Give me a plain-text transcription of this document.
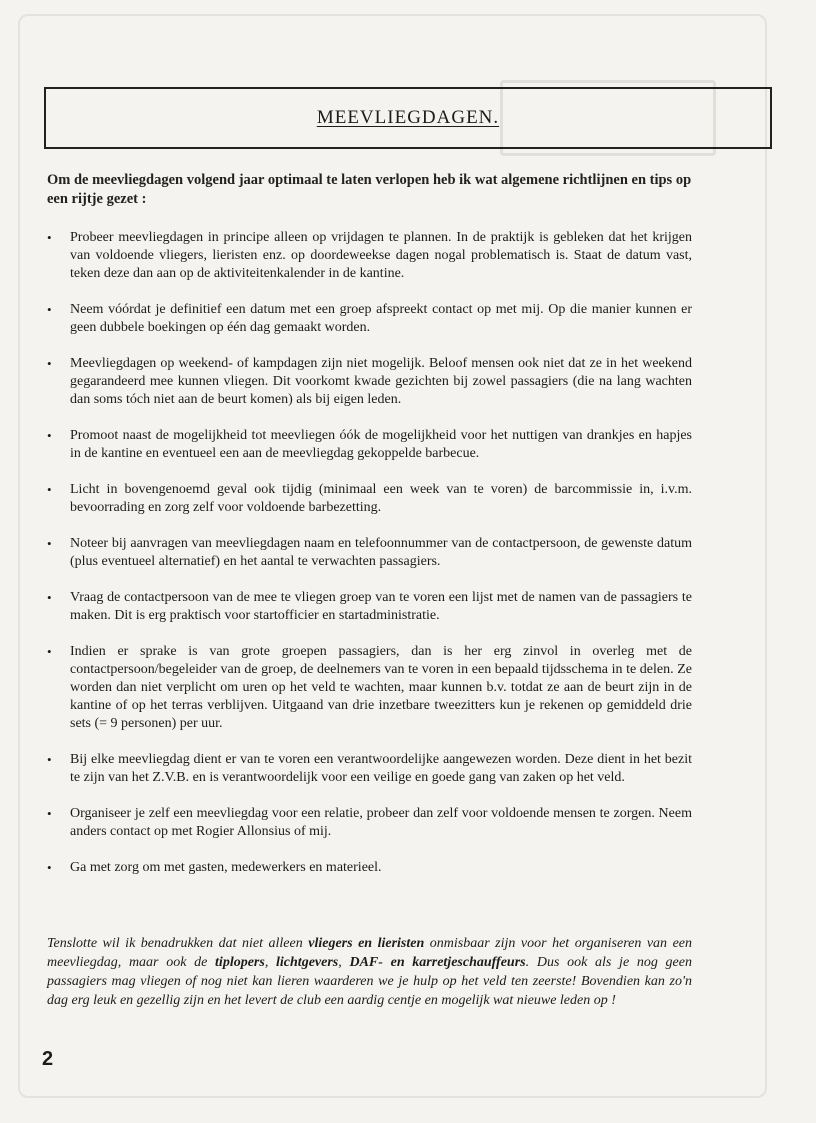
MEEVLIEGDAGEN.

Om de meevliegdagen volgend jaar optimaal te laten verlopen heb ik wat algemene richtlijnen en tips op een rijtje gezet :

• Probeer meevliegdagen in principe alleen op vrijdagen te plannen. In de praktijk is gebleken dat het krijgen van voldoende vliegers, lieristen enz. op doordeweekse dagen nogal problematisch is. Staat de datum vast, teken deze dan aan op de aktiviteitenkalender in de kantine.
• Neem vóórdat je definitief een datum met een groep afspreekt contact op met mij. Op die manier kunnen er geen dubbele boekingen op één dag gemaakt worden.
• Meevliegdagen op weekend- of kampdagen zijn niet mogelijk. Beloof mensen ook niet dat ze in het weekend gegarandeerd mee kunnen vliegen. Dit voorkomt kwade gezichten bij zowel passagiers (die na lang wachten dan soms tóch niet aan de beurt komen) als bij eigen leden.
• Promoot naast de mogelijkheid tot meevliegen óók de mogelijkheid voor het nuttigen van drankjes en hapjes in de kantine en eventueel een aan de meevliegdag gekoppelde barbecue.
• Licht in bovengenoemd geval ook tijdig (minimaal een week van te voren) de barcommissie in, i.v.m. bevoorrading en zorg zelf voor voldoende barbezetting.
• Noteer bij aanvragen van meevliegdagen naam en telefoonnummer van de contactpersoon, de gewenste datum (plus eventueel alternatief) en het aantal te verwachten passagiers.
• Vraag de contactpersoon van de mee te vliegen groep van te voren een lijst met de namen van de passagiers te maken. Dit is erg praktisch voor startofficier en startadministratie.
• Indien er sprake is van grote groepen passagiers, dan is her erg zinvol in overleg met de contactpersoon/begeleider van de groep, de deelnemers van te voren in een bepaald tijdsschema in te delen. Ze worden dan niet verplicht om uren op het veld te wachten, maar kunnen b.v. totdat ze aan de beurt zijn in de kantine of op het terras verblijven. Uitgaand van drie inzetbare tweezitters kun je rekenen op gemiddeld drie sets (= 9 personen) per uur.
• Bij elke meevliegdag dient er van te voren een verantwoordelijke aangewezen worden. Deze dient in het bezit te zijn van het Z.V.B. en is verantwoordelijk voor een veilige en goede gang van zaken op het veld.
• Organiseer je zelf een meevliegdag voor een relatie, probeer dan zelf voor voldoende mensen te zorgen. Neem anders contact op met Rogier Allonsius of mij.
• Ga met zorg om met gasten, medewerkers en materieel.

Tenslotte wil ik benadrukken dat niet alleen vliegers en lieristen onmisbaar zijn voor het organiseren van een meevliegdag, maar ook de tiplopers, lichtgevers, DAF- en karretjeschauffeurs. Dus ook als je nog geen passagiers mag vliegen of nog niet kan lieren waarderen we je hulp op het veld ten zeerste! Bovendien kan zo'n dag erg leuk en gezellig zijn en het levert de club een aardig centje en mogelijk wat nieuwe leden op !

2
